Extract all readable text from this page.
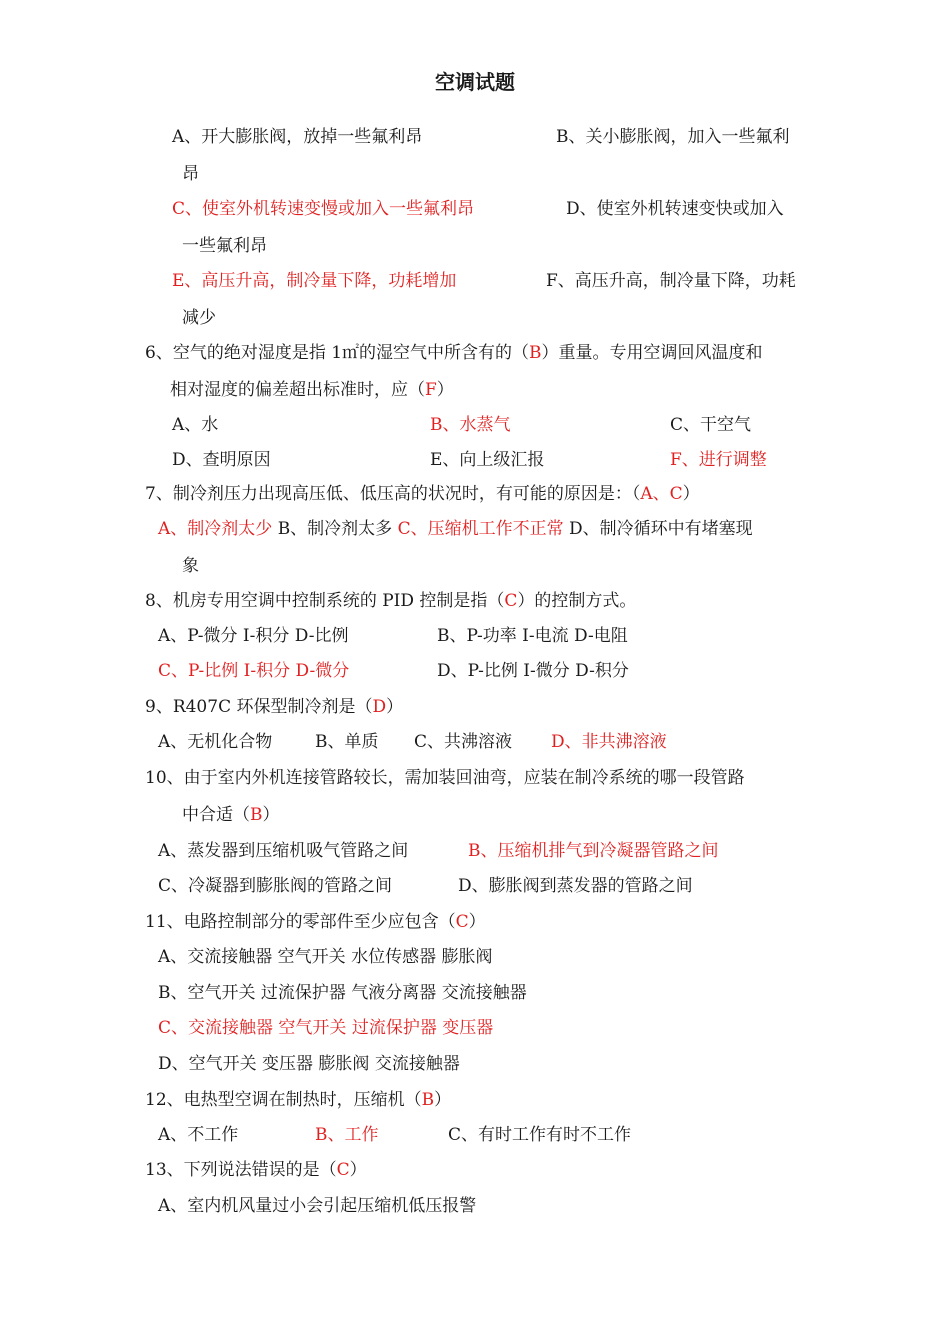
空调试题
A、开大膨胀阀，放掉一些氟利昂	B、关小膨胀阀，加入一些氟利
昂
C、使室外机转速变慢或加入一些氟利昂	D、使室外机转速变快或加入
一些氟利昂
E、高压升高，制冷量下降，功耗增加	F、高压升高，制冷量下降，功耗
减少
6、空气的绝对湿度是指 1㎡的湿空气中所含有的（B）重量。专用空调回风温度和
相对湿度的偏差超出标准时，应（F）
A、水	B、水蒸气	C、干空气
D、查明原因	E、向上级汇报	F、进行调整
7、制冷剂压力出现高压低、低压高的状况时，有可能的原因是：（A、C）
A、制冷剂太少 B、制冷剂太多 C、压缩机工作不正常 D、制冷循环中有堵塞现
象
8、机房专用空调中控制系统的 PID 控制是指（C）的控制方式。
A、P-微分 I-积分 D-比例	B、P-功率 I-电流 D-电阻
C、P-比例 I-积分 D-微分	D、P-比例 I-微分 D-积分
9、R407C 环保型制冷剂是（D）
A、无机化合物	B、单质 C、共沸溶液 D、非共沸溶液
10、由于室内外机连接管路较长，需加装回油弯，应装在制冷系统的哪一段管路
中合适（B）
A、蒸发器到压缩机吸气管路之间	B、压缩机排气到冷凝器管路之间
C、冷凝器到膨胀阀的管路之间	D、膨胀阀到蒸发器的管路之间
11、电路控制部分的零部件至少应包含（C）
A、交流接触器 空气开关 水位传感器 膨胀阀
B、空气开关 过流保护器 气液分离器 交流接触器
C、交流接触器 空气开关 过流保护器 变压器
D、空气开关 变压器 膨胀阀 交流接触器
12、电热型空调在制热时，压缩机（B）
A、不工作	B、工作	C、有时工作有时不工作
13、下列说法错误的是（C）
A、室内机风量过小会引起压缩机低压报警
